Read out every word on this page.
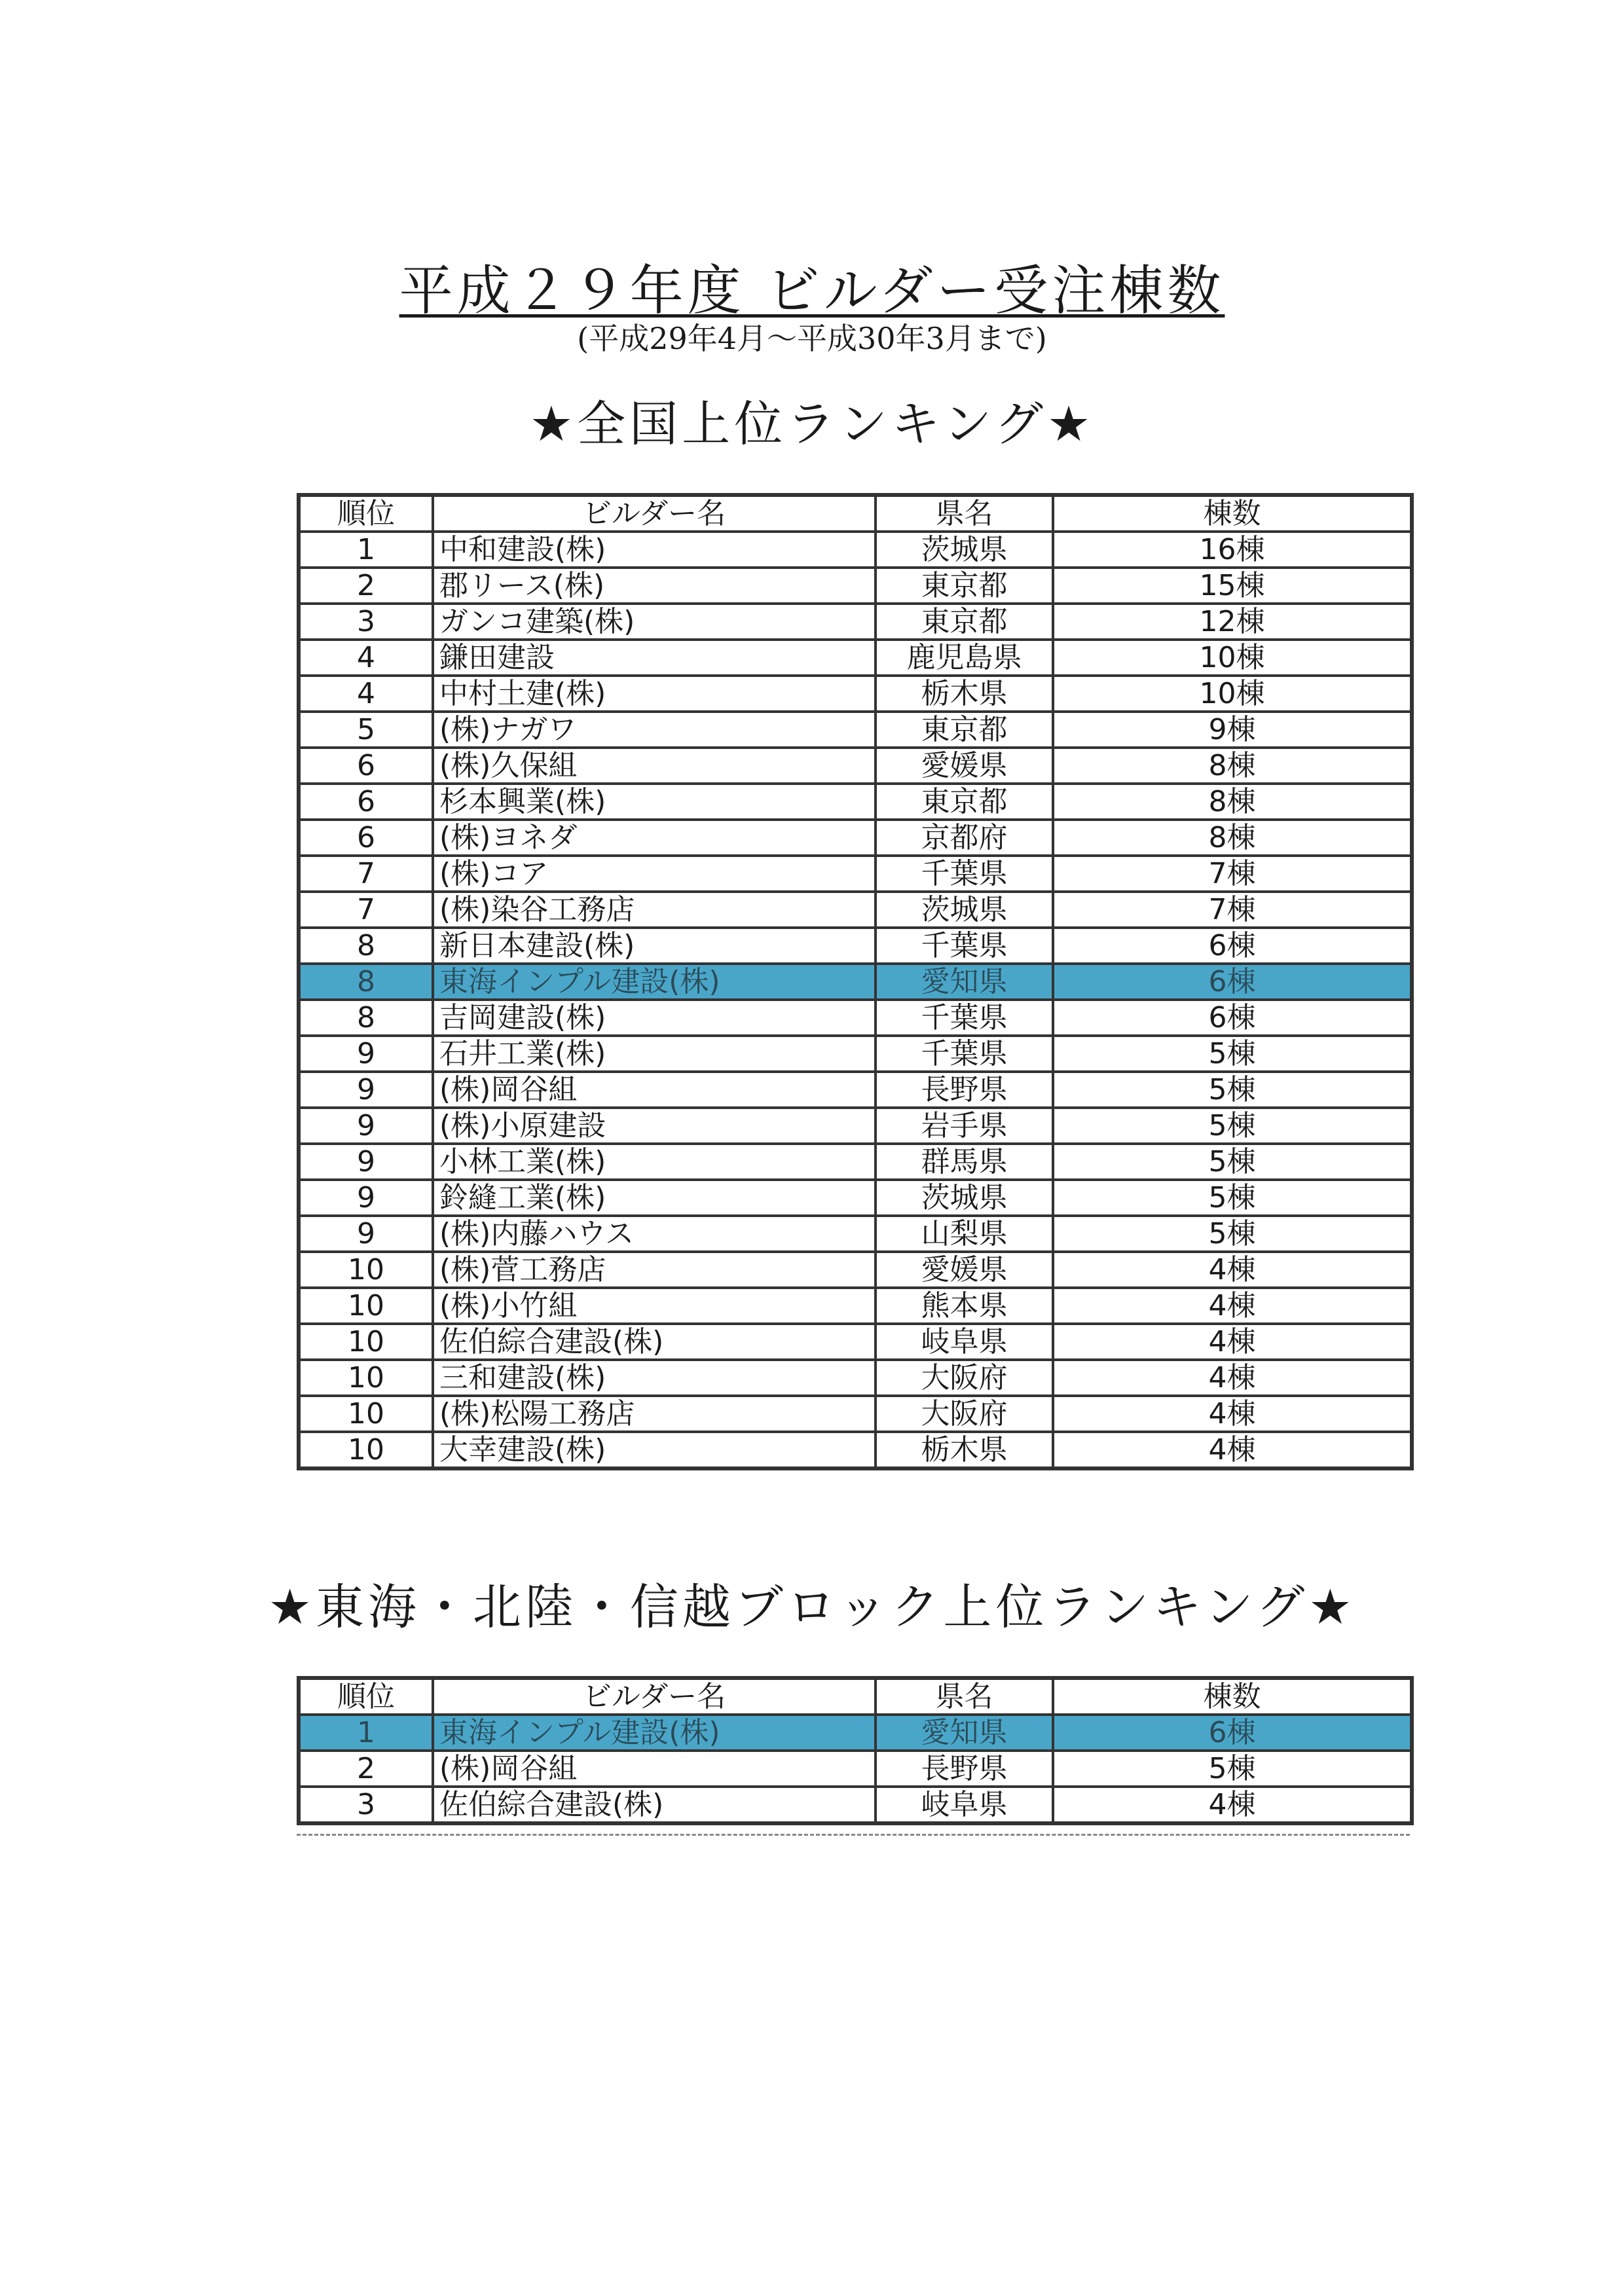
平成２９年度 ビルダー受注棟数
(平成29年4月～平成30年3月まで)
★全国上位ランキング★
順位	ビルダー名	県名	棟数
1	中和建設(株)	茨城県	16棟
2	郡リース(株)	東京都	15棟
3	ガンコ建築(株)	東京都	12棟
4	鎌田建設	鹿児島県	10棟
4	中村土建(株)	栃木県	10棟
5	(株)ナガワ	東京都	9棟
6	(株)久保組	愛媛県	8棟
6	杉本興業(株)	東京都	8棟
6	(株)ヨネダ	京都府	8棟
7	(株)コア	千葉県	7棟
7	(株)染谷工務店	茨城県	7棟
8	新日本建設(株)	千葉県	6棟
8	東海インプル建設(株)	愛知県	6棟
8	吉岡建設(株)	千葉県	6棟
9	石井工業(株)	千葉県	5棟
9	(株)岡谷組	長野県	5棟
9	(株)小原建設	岩手県	5棟
9	小林工業(株)	群馬県	5棟
9	鈴縫工業(株)	茨城県	5棟
9	(株)内藤ハウス	山梨県	5棟
10	(株)菅工務店	愛媛県	4棟
10	(株)小竹組	熊本県	4棟
10	佐伯綜合建設(株)	岐阜県	4棟
10	三和建設(株)	大阪府	4棟
10	(株)松陽工務店	大阪府	4棟
10	大幸建設(株)	栃木県	4棟
★東海・北陸・信越ブロック上位ランキング★
順位	ビルダー名	県名	棟数
1	東海インプル建設(株)	愛知県	6棟
2	(株)岡谷組	長野県	5棟
3	佐伯綜合建設(株)	岐阜県	4棟
